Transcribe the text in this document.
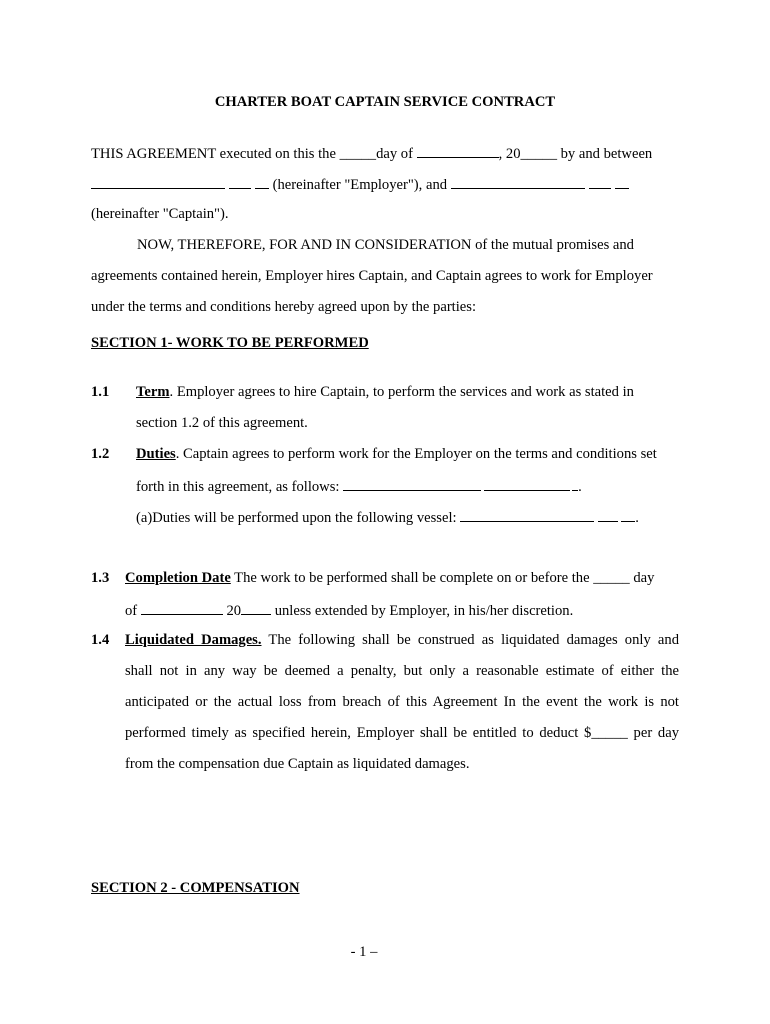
CHARTER BOAT CAPTAIN SERVICE CONTRACT
THIS AGREEMENT executed on this the _____day of	, 20_____ by and between
(hereinafter "Employer"), and
(hereinafter "Captain").
NOW, THEREFORE, FOR AND IN CONSIDERATION of the mutual promises and
agreements contained herein, Employer hires Captain, and Captain agrees to work for Employer
under the terms and conditions hereby agreed upon by the parties:
SECTION 1- WORK TO BE PERFORMED
1.1 Term. Employer agrees to hire Captain, to perform the services and work as stated in
section 1.2 of this agreement.
1.2 Duties. Captain agrees to perform work for the Employer on the terms and conditions set
forth in this agreement, as follows:	.
(a)Duties will be performed upon the following vessel:	.
1.3 Completion Date The work to be performed shall be complete on or before the _____ day
of	20 unless extended by Employer, in his/her discretion.
1.4 Liquidated Damages. The following shall be construed as liquidated damages only and
shall not in any way be deemed a penalty, but only a reasonable estimate of either the
anticipated or the actual loss from breach of this Agreement In the event the work is not
performed timely as specified herein, Employer shall be entitled to deduct $_____ per day
from the compensation due Captain as liquidated damages.
SECTION 2 - COMPENSATION
- 1 –
